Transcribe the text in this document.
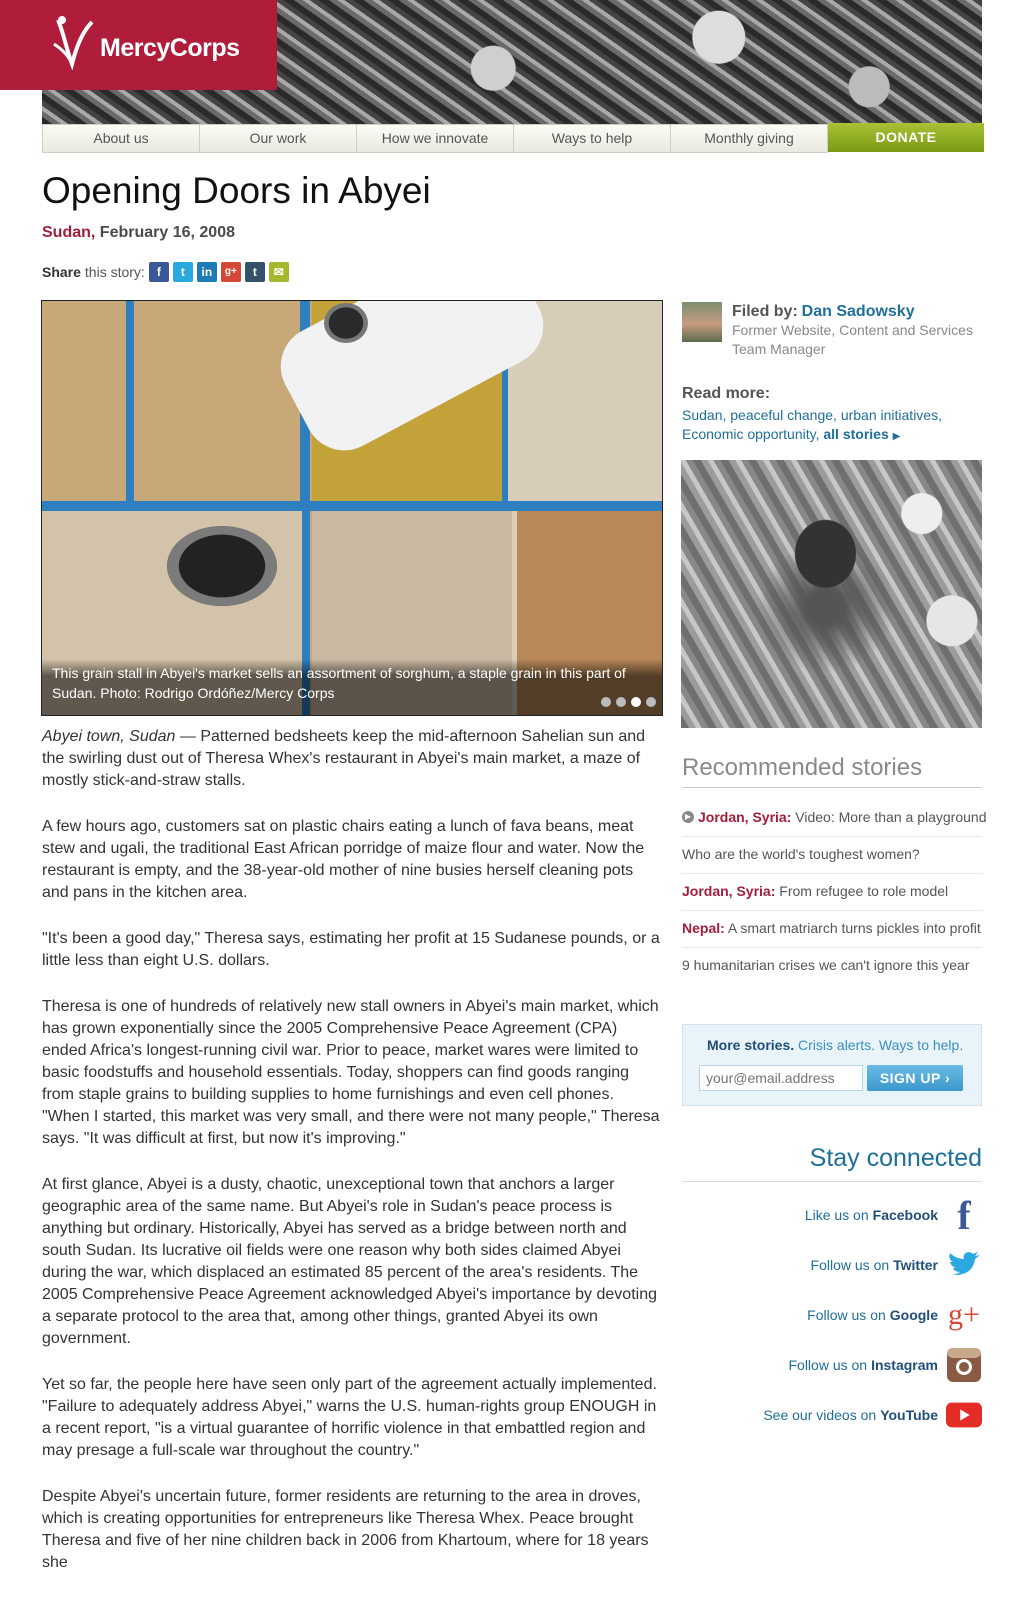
MercyCorps
About us	Our work	How we innovate	Ways to help	Monthly giving	DONATE
Opening Doors in Abyei
Sudan, February 16, 2008
Share this story:	f	t	in	g+	t	✉
This grain stall in Abyei's market sells an assortment of sorghum, a staple grain in this part of Sudan. Photo: Rodrigo Ordóñez/Mercy Corps

Abyei town, Sudan — Patterned bedsheets keep the mid-afternoon Sahelian sun and the swirling dust out of Theresa Whex's restaurant in Abyei's main market, a maze of mostly stick-and-straw stalls.

A few hours ago, customers sat on plastic chairs eating a lunch of fava beans, meat stew and ugali, the traditional East African porridge of maize flour and water. Now the restaurant is empty, and the 38-year-old mother of nine busies herself cleaning pots and pans in the kitchen area.

"It's been a good day," Theresa says, estimating her profit at 15 Sudanese pounds, or a little less than eight U.S. dollars.

Theresa is one of hundreds of relatively new stall owners in Abyei's main market, which has grown exponentially since the 2005 Comprehensive Peace Agreement (CPA) ended Africa's longest-running civil war. Prior to peace, market wares were limited to basic foodstuffs and household essentials. Today, shoppers can find goods ranging from staple grains to building supplies to home furnishings and even cell phones. "When I started, this market was very small, and there were not many people," Theresa says. "It was difficult at first, but now it's improving."

At first glance, Abyei is a dusty, chaotic, unexceptional town that anchors a larger geographic area of the same name. But Abyei's role in Sudan's peace process is anything but ordinary. Historically, Abyei has served as a bridge between north and south Sudan. Its lucrative oil fields were one reason why both sides claimed Abyei during the war, which displaced an estimated 85 percent of the area's residents. The 2005 Comprehensive Peace Agreement acknowledged Abyei's importance by devoting a separate protocol to the area that, among other things, granted Abyei its own government.

Yet so far, the people here have seen only part of the agreement actually implemented. "Failure to adequately address Abyei," warns the U.S. human-rights group ENOUGH in a recent report, "is a virtual guarantee of horrific violence in that embattled region and may presage a full-scale war throughout the country."

Despite Abyei's uncertain future, former residents are returning to the area in droves, which is creating opportunities for entrepreneurs like Theresa Whex. Peace brought Theresa and five of her nine children back in 2006 from Khartoum, where for 18 years she

Filed by: Dan Sadowsky
Former Website, Content and Services Team Manager
Read more:
Sudan, peaceful change, urban initiatives,
Economic opportunity, all stories ▶
Recommended stories
▶ Jordan, Syria: Video: More than a playground
Who are the world's toughest women?
Jordan, Syria: From refugee to role model
Nepal: A smart matriarch turns pickles into profit
9 humanitarian crises we can't ignore this year
More stories. Crisis alerts. Ways to help.
your@email.address
SIGN UP ›
Stay connected
Like us on Facebook f
Follow us on Twitter
Follow us on Google g+
Follow us on Instagram
See our videos on YouTube
